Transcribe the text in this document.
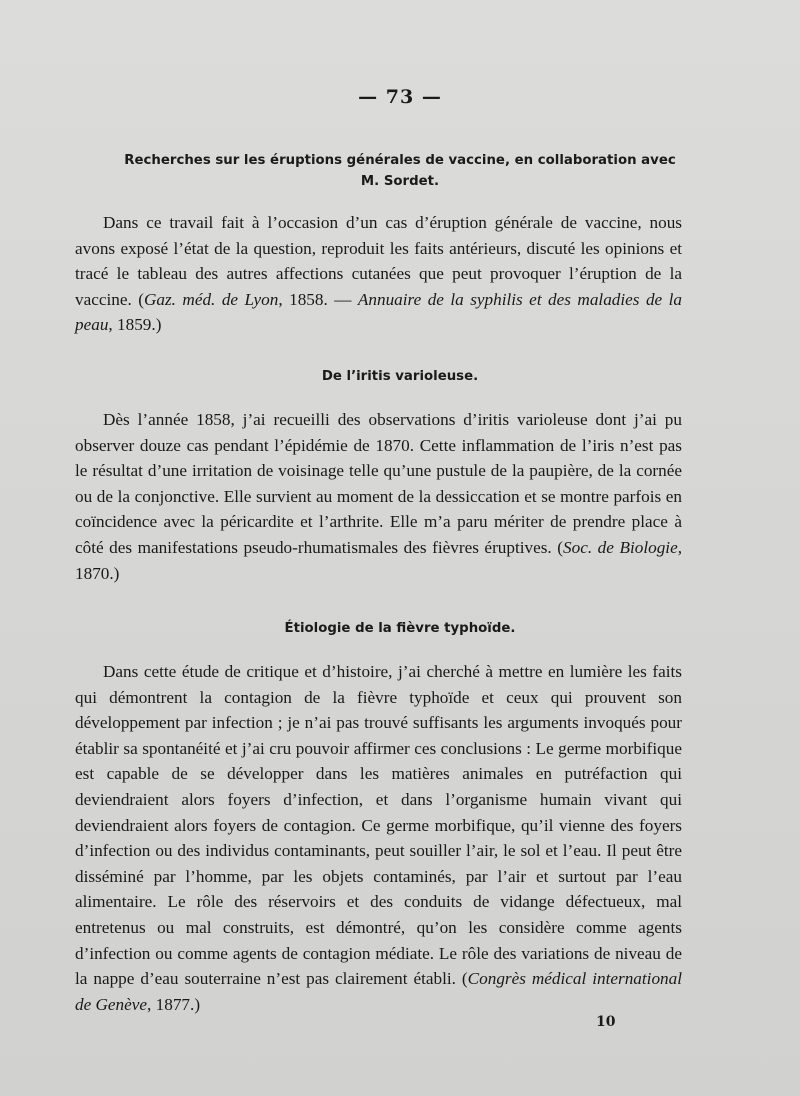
— 73 —
Recherches sur les éruptions générales de vaccine, en collaboration avec
M. Sordet.

Dans ce travail fait à l’occasion d’un cas d’éruption générale de vaccine, nous avons exposé l’état de la question, reproduit les faits antérieurs, discuté les opinions et tracé le tableau des autres affections cutanées que peut provoquer l’éruption de la vaccine. (Gaz. méd. de Lyon, 1858. — Annuaire de la syphilis et des maladies de la peau, 1859.)

De l’iritis varioleuse.

Dès l’année 1858, j’ai recueilli des observations d’iritis varioleuse dont j’ai pu observer douze cas pendant l’épidémie de 1870. Cette inflammation de l’iris n’est pas le résultat d’une irritation de voisinage telle qu’une pustule de la paupière, de la cornée ou de la conjonctive. Elle survient au moment de la dessiccation et se montre parfois en coïncidence avec la péricardite et l’arthrite. Elle m’a paru mériter de prendre place à côté des manifestations pseudo-rhumatismales des fièvres éruptives. (Soc. de Biologie, 1870.)

Étiologie de la fièvre typhoïde.

Dans cette étude de critique et d’histoire, j’ai cherché à mettre en lumière les faits qui démontrent la contagion de la fièvre typhoïde et ceux qui prouvent son développement par infection ; je n’ai pas trouvé suffisants les arguments invoqués pour établir sa spontanéité et j’ai cru pouvoir affirmer ces conclusions : Le germe morbifique est capable de se développer dans les matières animales en putréfaction qui deviendraient alors foyers d’infection, et dans l’organisme humain vivant qui deviendraient alors foyers de contagion. Ce germe morbifique, qu’il vienne des foyers d’infection ou des individus contaminants, peut souiller l’air, le sol et l’eau. Il peut être disséminé par l’homme, par les objets contaminés, par l’air et surtout par l’eau alimentaire. Le rôle des réservoirs et des conduits de vidange défectueux, mal entretenus ou mal construits, est démontré, qu’on les considère comme agents d’infection ou comme agents de contagion médiate. Le rôle des variations de niveau de la nappe d’eau souterraine n’est pas clairement établi. (Congrès médical international de Genève, 1877.)

10
